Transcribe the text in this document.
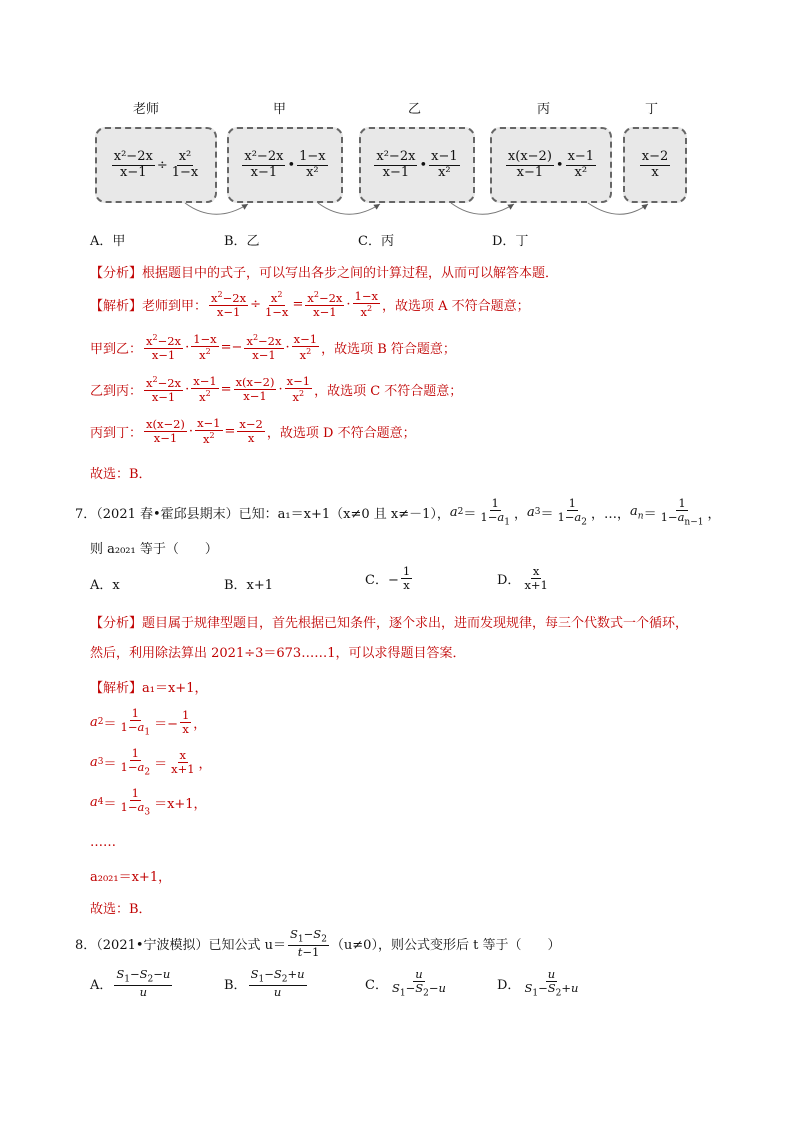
老师	甲	乙	丙	丁
$\frac{\text{x²−2x}}{x-1} \div \frac{\text{x²}}{1-x}$	$\frac{\text{x²−2x}}{x-1}$ • $\frac{1-x}{\text{x²}}$	$\frac{\text{x²−2x}}{x-1}$ • $\frac{x-1}{\text{x²}}$	$\frac{x(x-2)}{x-1}$ • $\frac{x-1}{\text{x²}}$	$\frac{x-2}{x}$
A．甲	B．乙	C．丙	D．丁
【分析】 根据题目中的式子，可以写出各步之间的计算过程，从而可以解答本题．
【解析】 老师到甲： $\frac{x^2-2x}{x-1} \div \frac{x^2}{1-x} = \frac{x^2-2x}{x-1} \cdot \frac{1-x}{x^2}$ ，故选项 A 不符合题意；
甲到乙： $\frac{x^2-2x}{x-1} \cdot \frac{1-x}{x^2} =- \frac{x^2-2x}{x-1} \cdot \frac{x-1}{x^2}$ ，故选项 B 符合题意；
乙到丙： $\frac{x^2-2x}{x-1} \cdot \frac{x-1}{x^2} = \frac{x(x-2)}{x-1} \cdot \frac{x-1}{x^2}$ ，故选项 C 不符合题意；
丙到丁： $\frac{x(x-2)}{x-1} \cdot \frac{x-1}{x^2} = \frac{x-2}{x}$ ，故选项 D 不符合题意；
故选：B．
7．（2021 春•霍邱县期末）已知：a₁＝x+1（x≠0 且 x≠－1）， a $2 = \frac{1}{1-a_1}$ ， a $3 = \frac{1}{1-a_2}$ ，…， $a_n = \frac{1}{1-a_{n-1}}$ ，
则 a₂₀₂₁ 等于（　　）
A．x	B．x+1	C．− $\frac{1}{x}$	D． $\frac{x}{x+1}$
【分析】 题目属于规律型题目，首先根据已知条件，逐个求出，进而发现规律，每三个代数式一个循环，
然后，利用除法算出 2021÷3＝673……1，可以求得题目答案．
【解析】 a₁＝x+1，
a $2 = \frac{1}{1-a_1} =- \frac{1}{x}$ ，
a $3 = \frac{1}{1-a_2} = \frac{x}{x+1}$ ，
a $4 = \frac{1}{1-a_3} =x+1$，
……
a₂₀₂₁＝x+1，
故选：B．
8．（2021•宁波模拟）已知公式 $u= \frac{S_1-S_2}{t-1} (u\ne 0)$，则公式变形后 t 等于（　　）
A． $\frac{S_1-S_2-u}{u}$	B． $\frac{S_1-S_2+u}{u}$	C． $\frac{u}{S_1-S_2-u}$	D． $\frac{u}{S_1-S_2+u}$
